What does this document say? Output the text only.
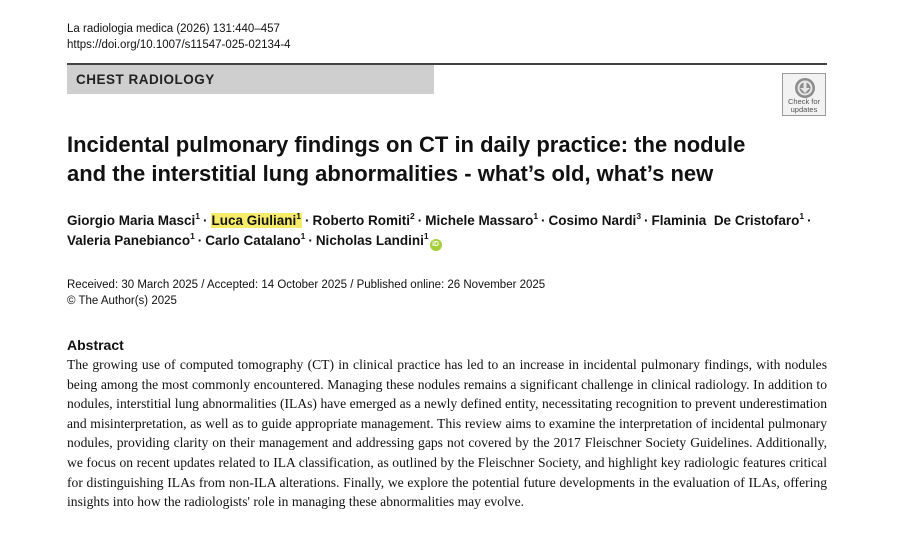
La radiologia medica (2026) 131:440–457
https://doi.org/10.1007/s11547-025-02134-4
CHEST RADIOLOGY
Check for
updates
Incidental pulmonary findings on CT in daily practice: the nodule
and the interstitial lung abnormalities - what’s old, what’s new
Giorgio Maria Masci$^1$ · Luca Giuliani$^1$ · Roberto Romiti$^2$ · Michele Massaro$^1$ · Cosimo Nardi$^3$ · Flaminia  De Cristofaro$^1$ ·
Valeria Panebianco$^1$ · Carlo Catalano$^1$ · Nicholas Landini$^1$iD
Received: 30 March 2025 / Accepted: 14 October 2025 / Published online: 26 November 2025
© The Author(s) 2025
Abstract
The growing use of computed tomography (CT) in clinical practice has led to an increase in incidental pulmonary findings, with nodules being among the most commonly encountered. Managing these nodules remains a significant challenge in clinical radiology. In addition to nodules, interstitial lung abnormalities (ILAs) have emerged as a newly defined entity, necessitating recognition to prevent underestimation and misinterpretation, as well as to guide appropriate management. This review aims to examine the interpretation of incidental pulmonary nodules, providing clarity on their management and addressing gaps not covered by the 2017 Fleischner Society Guidelines. Additionally, we focus on recent updates related to ILA classification, as outlined by the Fleischner Society, and highlight key radiologic features critical for distinguishing ILAs from non-ILA alterations. Finally, we explore the potential future developments in the evaluation of ILAs, offering insights into how the radiologists' role in managing these abnormalities may evolve.
